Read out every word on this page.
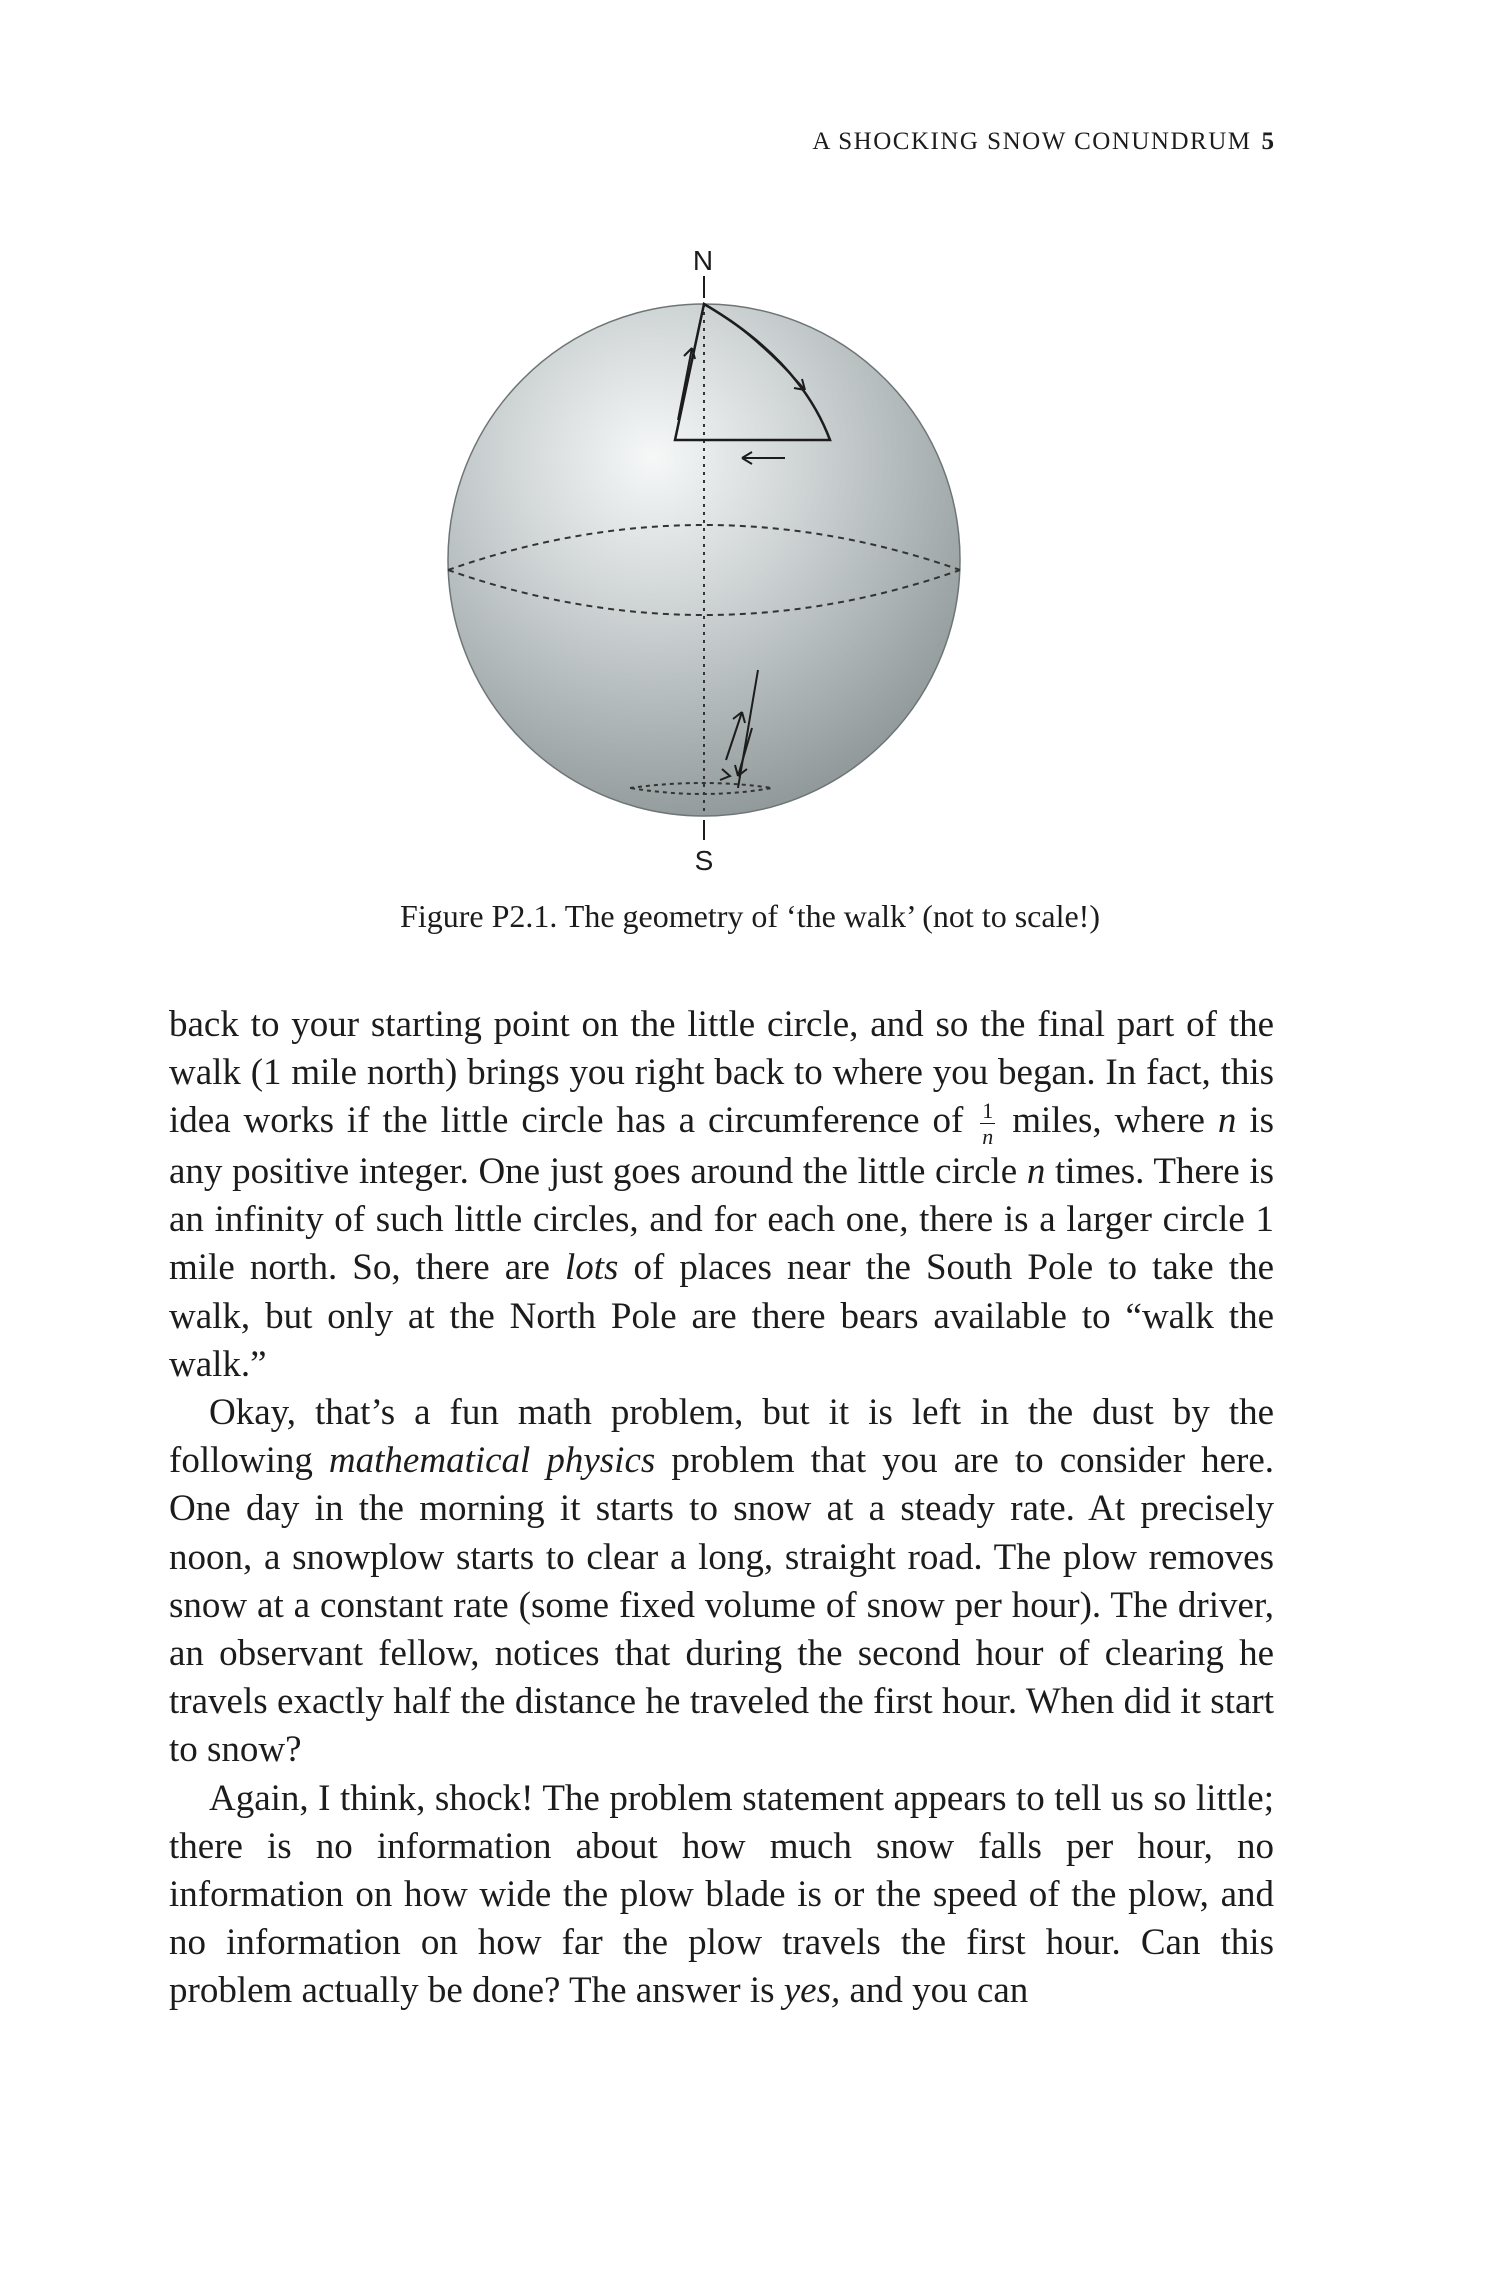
A SHOCKING SNOW CONUNDRUM 5
N
S
Figure P2.1. The geometry of ‘the walk’ (not to scale!)

back to your starting point on the little circle, and so the final part of the walk (1 mile north) brings you right back to where you began. In fact, this idea works if the little circle has a circumference of $\frac{1}{n}$ miles, where n is any positive integer. One just goes around the little circle n times. There is an infinity of such little circles, and for each one, there is a larger circle 1 mile north. So, there are lots of places near the South Pole to take the walk, but only at the North Pole are there bears available to “walk the walk.”

Okay, that’s a fun math problem, but it is left in the dust by the following mathematical physics problem that you are to consider here. One day in the morning it starts to snow at a steady rate. At precisely noon, a snowplow starts to clear a long, straight road. The plow removes snow at a constant rate (some fixed volume of snow per hour). The driver, an observant fellow, notices that during the second hour of clearing he travels exactly half the distance he traveled the first hour. When did it start to snow?

Again, I think, shock! The problem statement appears to tell us so little; there is no information about how much snow falls per hour, no information on how wide the plow blade is or the speed of the plow, and no information on how far the plow travels the first hour. Can this problem actually be done? The answer is yes, and you can
